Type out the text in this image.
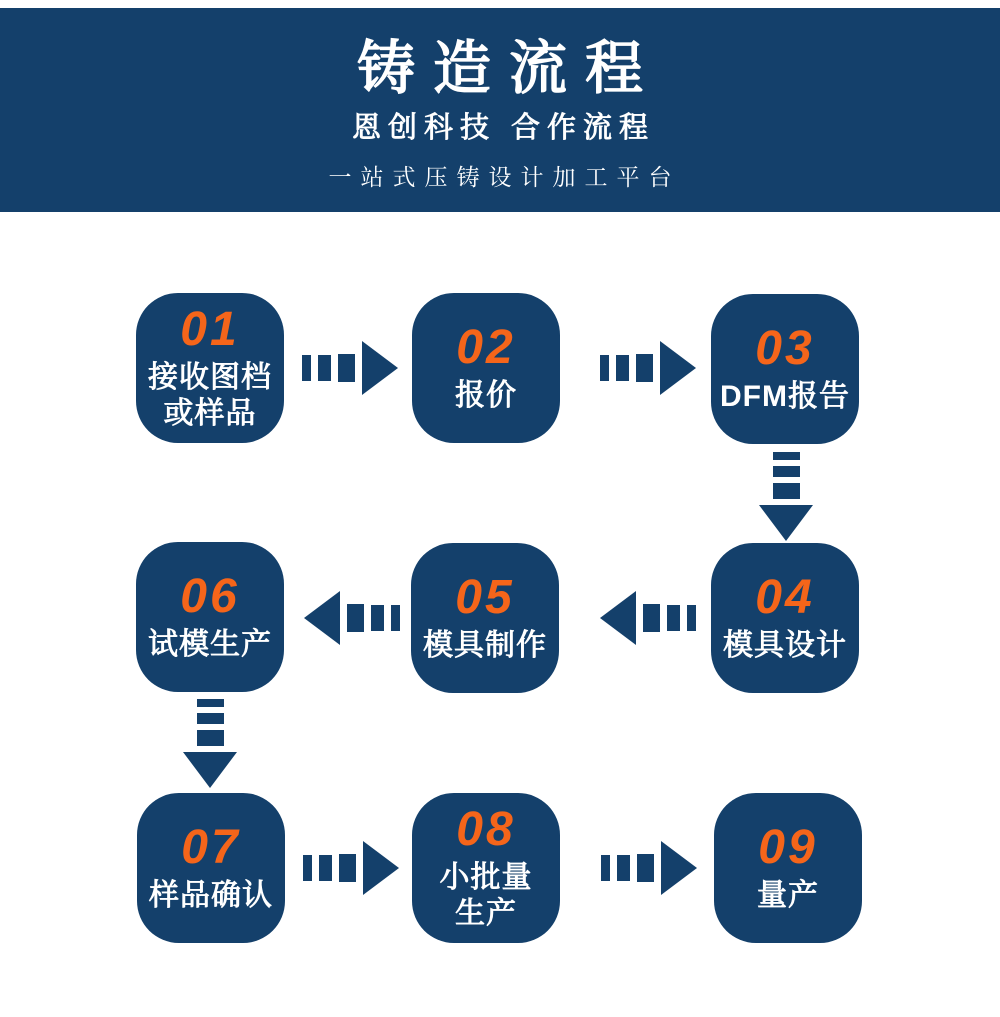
铸造流程
恩创科技 合作流程
一站式压铸设计加工平台
01
接收图档
或样品
02
报价
03
DFM报告
06
试模生产
05
模具制作
04
模具设计
07
样品确认
08
小批量
生产
09
量产
